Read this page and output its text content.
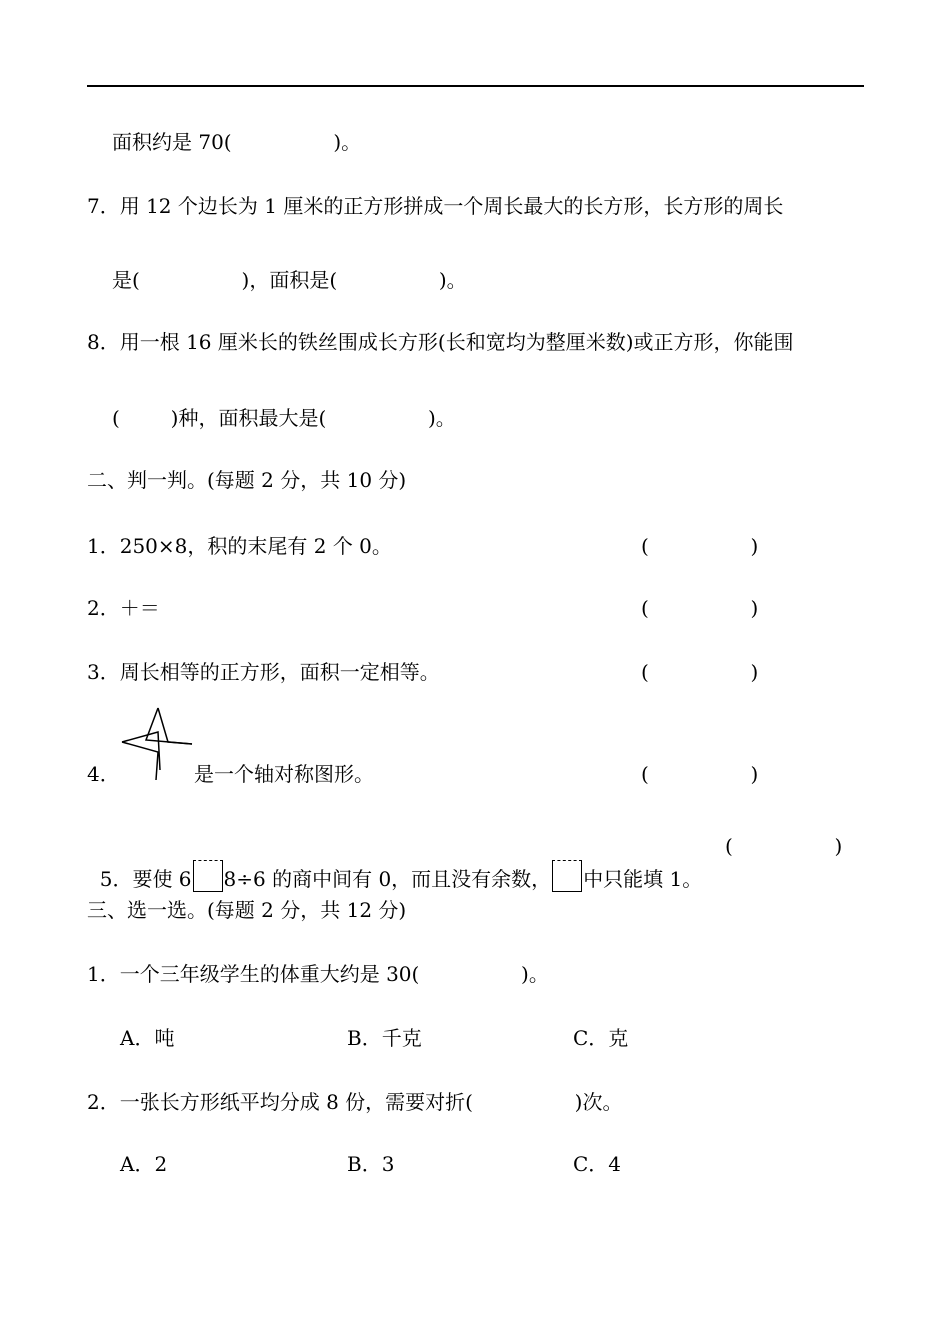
面积约是 70(                )。
7．用 12 个边长为 1 厘米的正方形拼成一个周长最大的长方形，长方形的周长
是(                )，面积是(                )。
8．用一根 16 厘米长的铁丝围成长方形(长和宽均为整厘米数)或正方形，你能围
(        )种，面积最大是(                )。
二、判一判。(每题 2 分，共 10 分)
1．250×8，积的末尾有 2 个 0。	(                )
2．＋＝	(                )
3．周长相等的正方形，面积一定相等。	(                )
4．	是一个轴对称图形。	(                )

5．要使 6 8÷6 的商中间有 0，而且没有余数， 中只能填 1。

(                )
三、选一选。(每题 2 分，共 12 分)
1．一个三年级学生的体重大约是 30(                )。
A．吨	B．千克	C．克
2．一张长方形纸平均分成 8 份，需要对折(                )次。
A．2	B．3	C．4
